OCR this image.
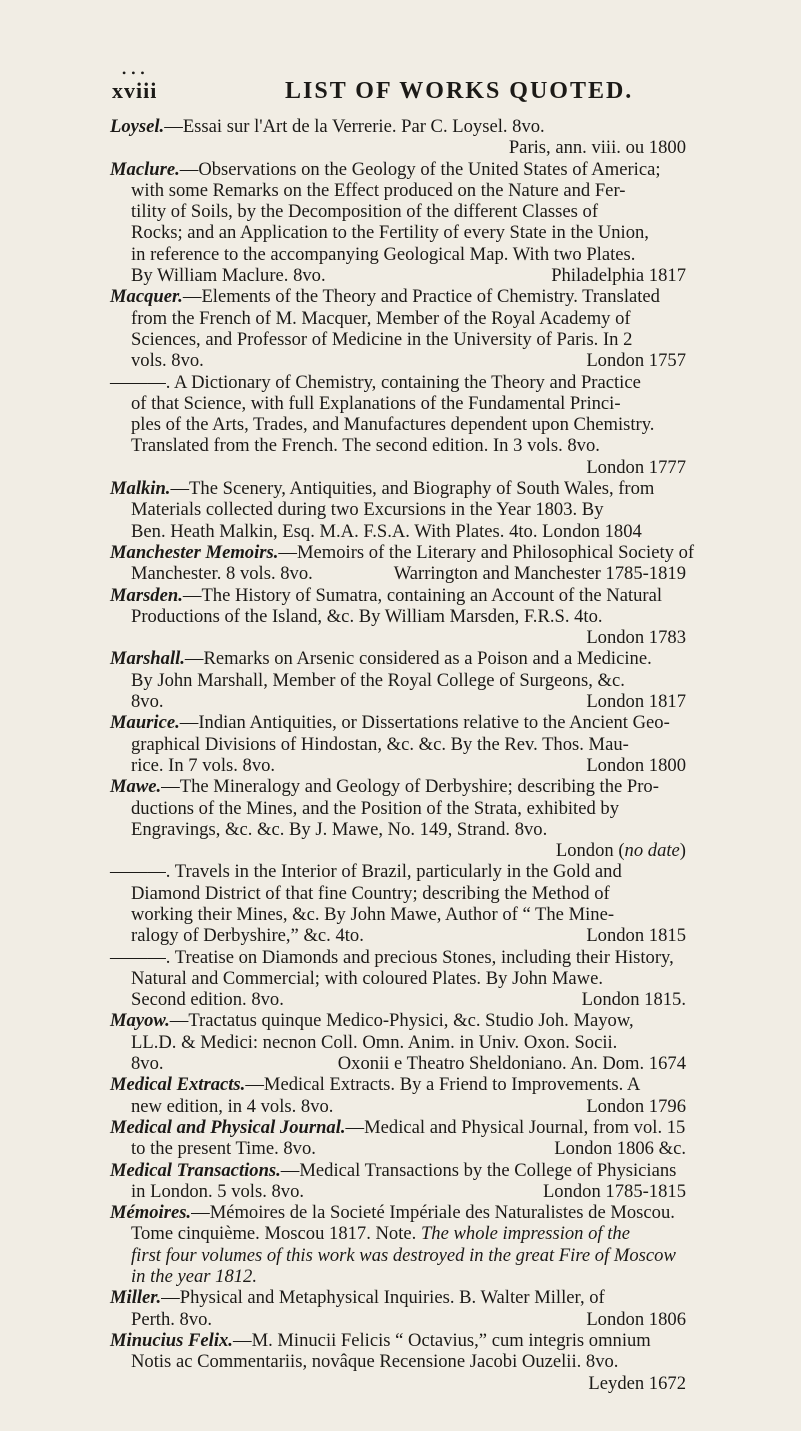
• • •
xviii	LIST OF WORKS QUOTED.
Loysel.—Essai sur l'Art de la Verrerie. Par C. Loysel. 8vo.
Paris, ann. viii. ou 1800
Maclure.—Observations on the Geology of the United States of America;
with some Remarks on the Effect produced on the Nature and Fer-
tility of Soils, by the Decomposition of the different Classes of
Rocks; and an Application to the Fertility of every State in the Union,
in reference to the accompanying Geological Map. With two Plates.
By William Maclure. 8vo.	Philadelphia 1817
Macquer.—Elements of the Theory and Practice of Chemistry. Translated
from the French of M. Macquer, Member of the Royal Academy of
Sciences, and Professor of Medicine in the University of Paris. In 2
vols. 8vo.	London 1757
———. A Dictionary of Chemistry, containing the Theory and Practice
of that Science, with full Explanations of the Fundamental Princi-
ples of the Arts, Trades, and Manufactures dependent upon Chemistry.
Translated from the French. The second edition. In 3 vols. 8vo.
London 1777
Malkin.—The Scenery, Antiquities, and Biography of South Wales, from
Materials collected during two Excursions in the Year 1803. By
Ben. Heath Malkin, Esq. M.A. F.S.A. With Plates. 4to. London 1804
Manchester Memoirs.—Memoirs of the Literary and Philosophical Society of
Manchester. 8 vols. 8vo.	Warrington and Manchester 1785-1819
Marsden.—The History of Sumatra, containing an Account of the Natural
Productions of the Island, &c. By William Marsden, F.R.S. 4to.
London 1783
Marshall.—Remarks on Arsenic considered as a Poison and a Medicine.
By John Marshall, Member of the Royal College of Surgeons, &c.
8vo.	London 1817
Maurice.—Indian Antiquities, or Dissertations relative to the Ancient Geo-
graphical Divisions of Hindostan, &c. &c. By the Rev. Thos. Mau-
rice. In 7 vols. 8vo.	London 1800
Mawe.—The Mineralogy and Geology of Derbyshire; describing the Pro-
ductions of the Mines, and the Position of the Strata, exhibited by
Engravings, &c. &c. By J. Mawe, No. 149, Strand. 8vo.
London (no date)
———. Travels in the Interior of Brazil, particularly in the Gold and
Diamond District of that fine Country; describing the Method of
working their Mines, &c. By John Mawe, Author of “ The Mine-
ralogy of Derbyshire,” &c. 4to.	London 1815
———. Treatise on Diamonds and precious Stones, including their History,
Natural and Commercial; with coloured Plates. By John Mawe.
Second edition. 8vo.	London 1815.
Mayow.—Tractatus quinque Medico-Physici, &c. Studio Joh. Mayow,
LL.D. & Medici: necnon Coll. Omn. Anim. in Univ. Oxon. Socii.
8vo.	Oxonii e Theatro Sheldoniano. An. Dom. 1674
Medical Extracts.—Medical Extracts. By a Friend to Improvements. A
new edition, in 4 vols. 8vo.	London 1796
Medical and Physical Journal.—Medical and Physical Journal, from vol. 15
to the present Time. 8vo.	London 1806 &c.
Medical Transactions.—Medical Transactions by the College of Physicians
in London. 5 vols. 8vo.	London 1785-1815
Mémoires.—Mémoires de la Societé Impériale des Naturalistes de Moscou.
Tome cinquième. Moscou 1817. Note. The whole impression of the
first four volumes of this work was destroyed in the great Fire of Moscow
in the year 1812.
Miller.—Physical and Metaphysical Inquiries. B. Walter Miller, of
Perth. 8vo.	London 1806
Minucius Felix.—M. Minucii Felicis “ Octavius,” cum integris omnium
Notis ac Commentariis, novâque Recensione Jacobi Ouzelii. 8vo.
Leyden 1672
